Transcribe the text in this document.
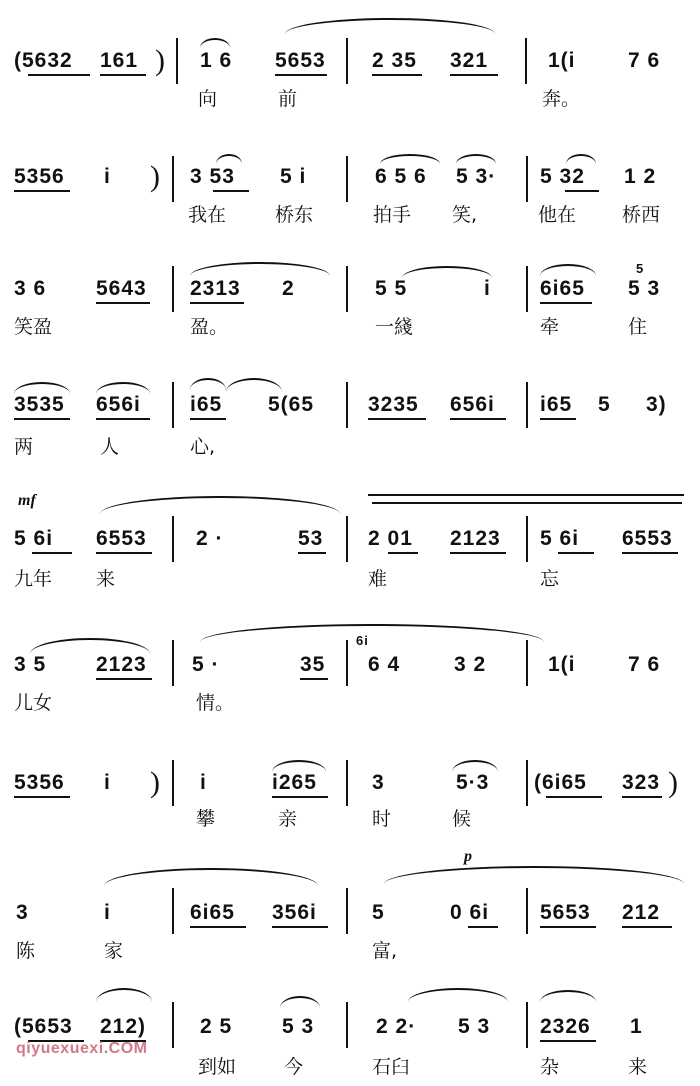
(5632 161 ) 1 6 5653 2 35 321	1(i 7 6
向	前	奔。
5356 i ) 3 53 5 i	6 5 6 5 3· 5 32 1 2
我在	桥东	拍手 笑,	他在 桥西
3 6 5643 2313 2	5 5	i 6i65 5 3
5
笑盈	盈。	一綫	牵	住
3535 656i i65 5(65	3235 656i i65 5 3)
两	人	心,
mf
5 6i 6553 2 ·	53 2 01 2123 5 6i 6553
九年 来	难	忘
3 5 2123 5 ·	35
6i
6 4	3 2	1(i 7 6
儿女	情。
5356 i ) i	i265	3	5·3 (6i65 323 )
攀	亲	时	候
p
3	i	6i65 356i	5	0 6i 5653 212
陈	家	富,
(5653 212)	2 5 5 3	2 2· 5 3 2326 1
到如	今	石臼	杂	来
qiyuexuexi.COM
